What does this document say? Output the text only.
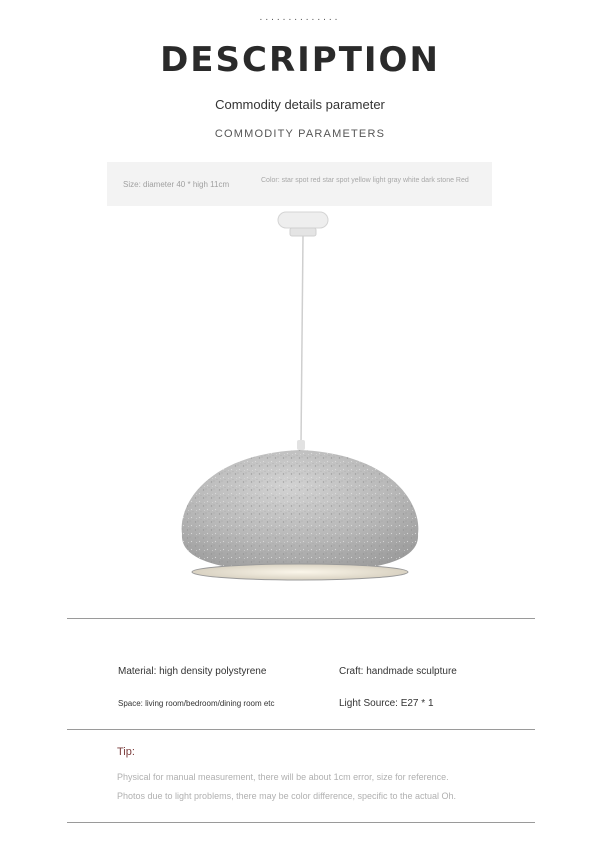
..............
DESCRIPTION
Commodity details parameter
COMMODITY PARAMETERS
Size: diameter 40 * high 11cm	Color: star spot red star spot yellow light gray white dark stone Red
Material: high density polystyrene	Craft: handmade sculpture
Space: living room/bedroom/dining room etc	Light Source: E27 * 1
Tip:
Physical for manual measurement, there will be about 1cm error, size for reference.
Photos due to light problems, there may be color difference, specific to the actual Oh.
